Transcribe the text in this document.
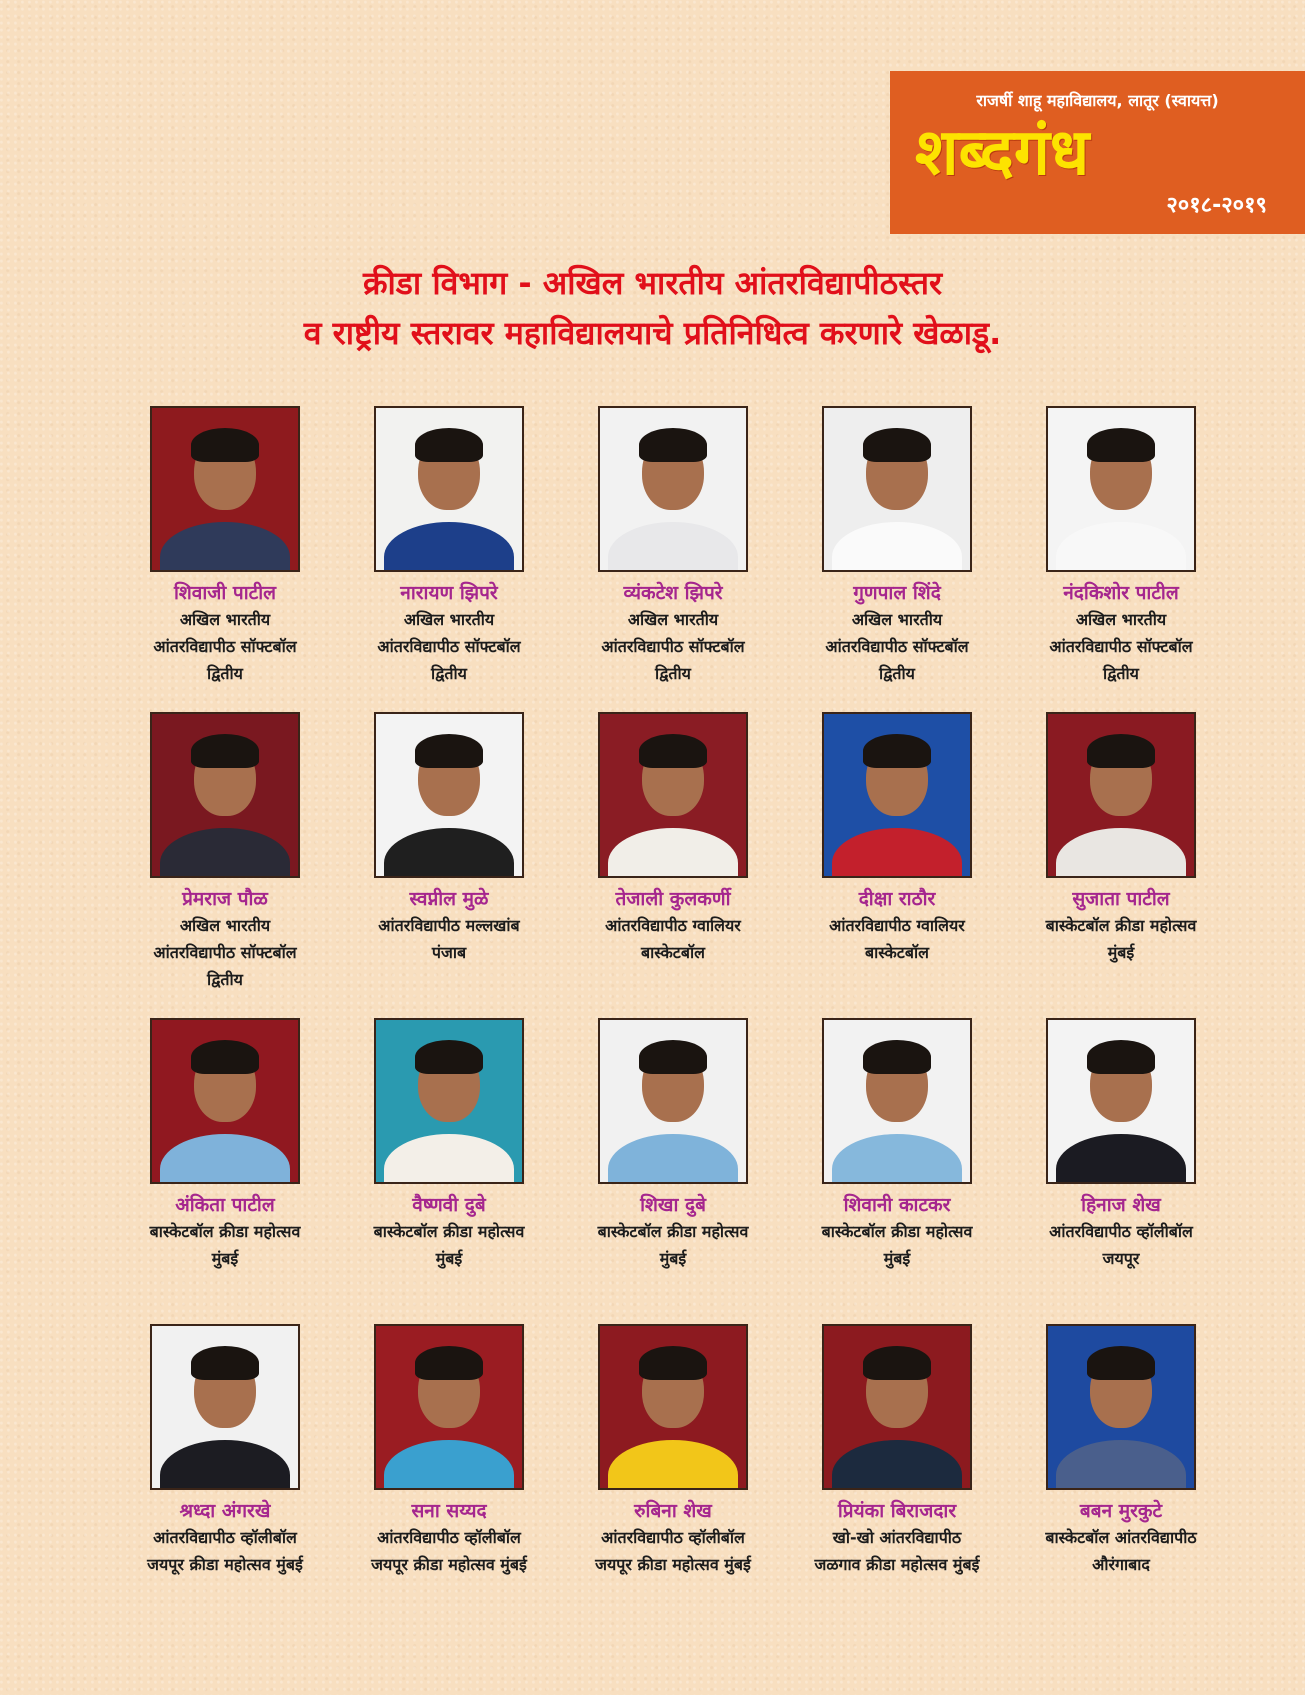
राजर्षी शाहू महाविद्यालय, लातूर (स्वायत्त)
शब्दगंध
२०१८-२०१९
क्रीडा विभाग - अखिल भारतीय आंतरविद्यापीठस्तर
व राष्ट्रीय स्तरावर महाविद्यालयाचे प्रतिनिधित्व करणारे खेळाडू.
शिवाजी पाटील
अखिल भारतीय
आंतरविद्यापीठ सॉफ्टबॉल
द्वितीय
नारायण झिपरे
अखिल भारतीय
आंतरविद्यापीठ सॉफ्टबॉल
द्वितीय
व्यंकटेश झिपरे
अखिल भारतीय
आंतरविद्यापीठ सॉफ्टबॉल
द्वितीय
गुणपाल शिंदे
अखिल भारतीय
आंतरविद्यापीठ सॉफ्टबॉल
द्वितीय
नंदकिशोर पाटील
अखिल भारतीय
आंतरविद्यापीठ सॉफ्टबॉल
द्वितीय
प्रेमराज पौळ
अखिल भारतीय
आंतरविद्यापीठ सॉफ्टबॉल
द्वितीय
स्वप्नील मुळे
आंतरविद्यापीठ मल्लखांब
पंजाब
तेजाली कुलकर्णी
आंतरविद्यापीठ ग्वालियर
बास्केटबॉल
दीक्षा राठौर
आंतरविद्यापीठ ग्वालियर
बास्केटबॉल
सुजाता पाटील
बास्केटबॉल क्रीडा महोत्सव
मुंबई
अंकिता पाटील
बास्केटबॉल क्रीडा महोत्सव
मुंबई
वैष्णवी दुबे
बास्केटबॉल क्रीडा महोत्सव
मुंबई
शिखा दुबे
बास्केटबॉल क्रीडा महोत्सव
मुंबई
शिवानी काटकर
बास्केटबॉल क्रीडा महोत्सव
मुंबई
हिनाज शेख
आंतरविद्यापीठ व्हॉलीबॉल
जयपूर
श्रध्दा अंगरखे
आंतरविद्यापीठ व्हॉलीबॉल
जयपूर क्रीडा महोत्सव मुंबई
सना सय्यद
आंतरविद्यापीठ व्हॉलीबॉल
जयपूर क्रीडा महोत्सव मुंबई
रुबिना शेख
आंतरविद्यापीठ व्हॉलीबॉल
जयपूर क्रीडा महोत्सव मुंबई
प्रियंका बिराजदार
खो-खो आंतरविद्यापीठ
जळगाव क्रीडा महोत्सव मुंबई
बबन मुरकुटे
बास्केटबॉल आंतरविद्यापीठ
औरंगाबाद
